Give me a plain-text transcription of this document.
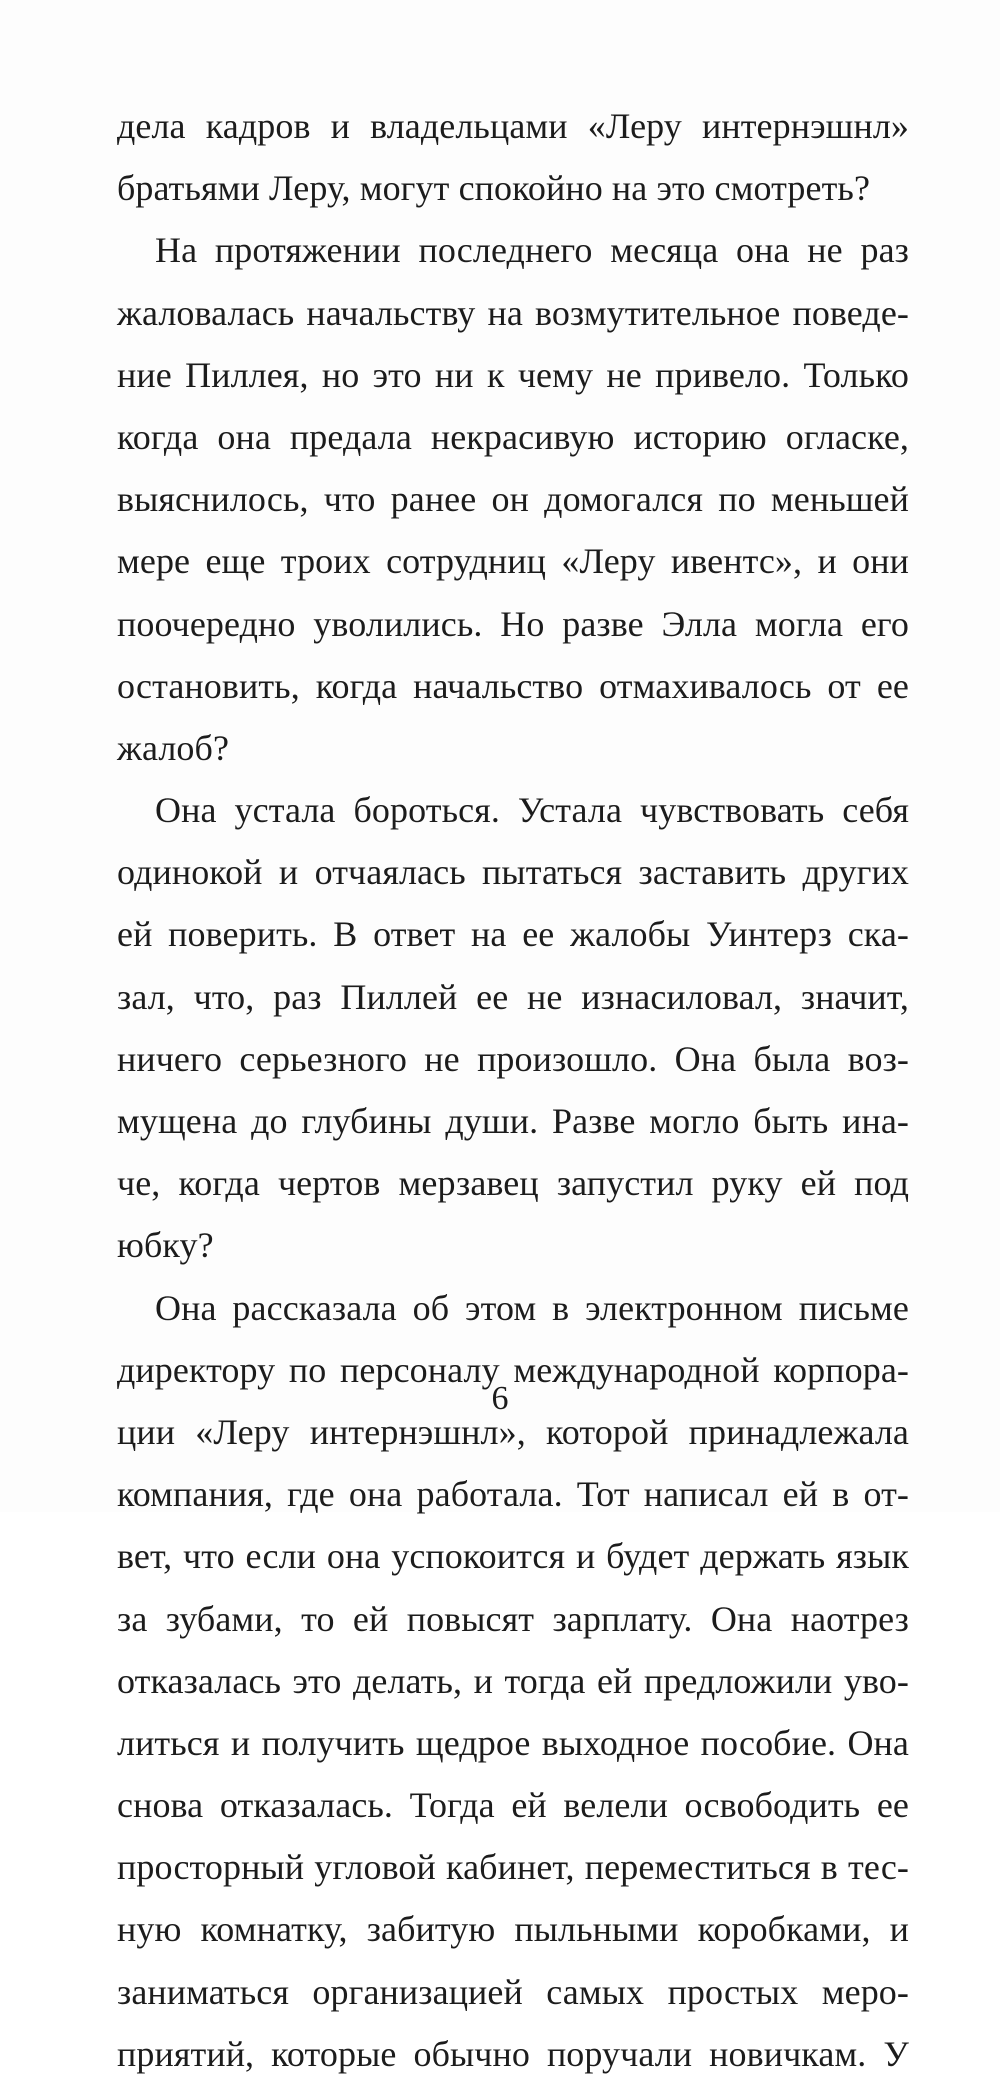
дела кадров и владельцами «Леру интернэшнл»
братьями Леру, могут спокойно на это смотреть?
На протяжении последнего месяца она не раз
жаловалась начальству на возмутительное поведе-
ние Пиллея, но это ни к чему не привело. Только
когда она предала некрасивую историю огласке,
выяснилось, что ранее он домогался по меньшей
мере еще троих сотрудниц «Леру ивентс», и они
поочередно уволились. Но разве Элла могла его
остановить, когда начальство отмахивалось от ее
жалоб?
Она устала бороться. Устала чувствовать себя
одинокой и отчаялась пытаться заставить других
ей поверить. В ответ на ее жалобы Уинтерз ска-
зал, что, раз Пиллей ее не изнасиловал, значит,
ничего серьезного не произошло. Она была воз-
мущена до глубины души. Разве могло быть ина-
че, когда чертов мерзавец запустил руку ей под
юбку?
Она рассказала об этом в электронном письме
директору по персоналу международной корпора-
ции «Леру интернэшнл», которой принадлежала
компания, где она работала. Тот написал ей в от-
вет, что если она успокоится и будет держать язык
за зубами, то ей повысят зарплату. Она наотрез
отказалась это делать, и тогда ей предложили уво-
литься и получить щедрое выходное пособие. Она
снова отказалась. Тогда ей велели освободить ее
просторный угловой кабинет, переместиться в тес-
ную комнатку, забитую пыльными коробками, и
заниматься организацией самых простых меро-
приятий, которые обычно поручали новичкам. У
6
